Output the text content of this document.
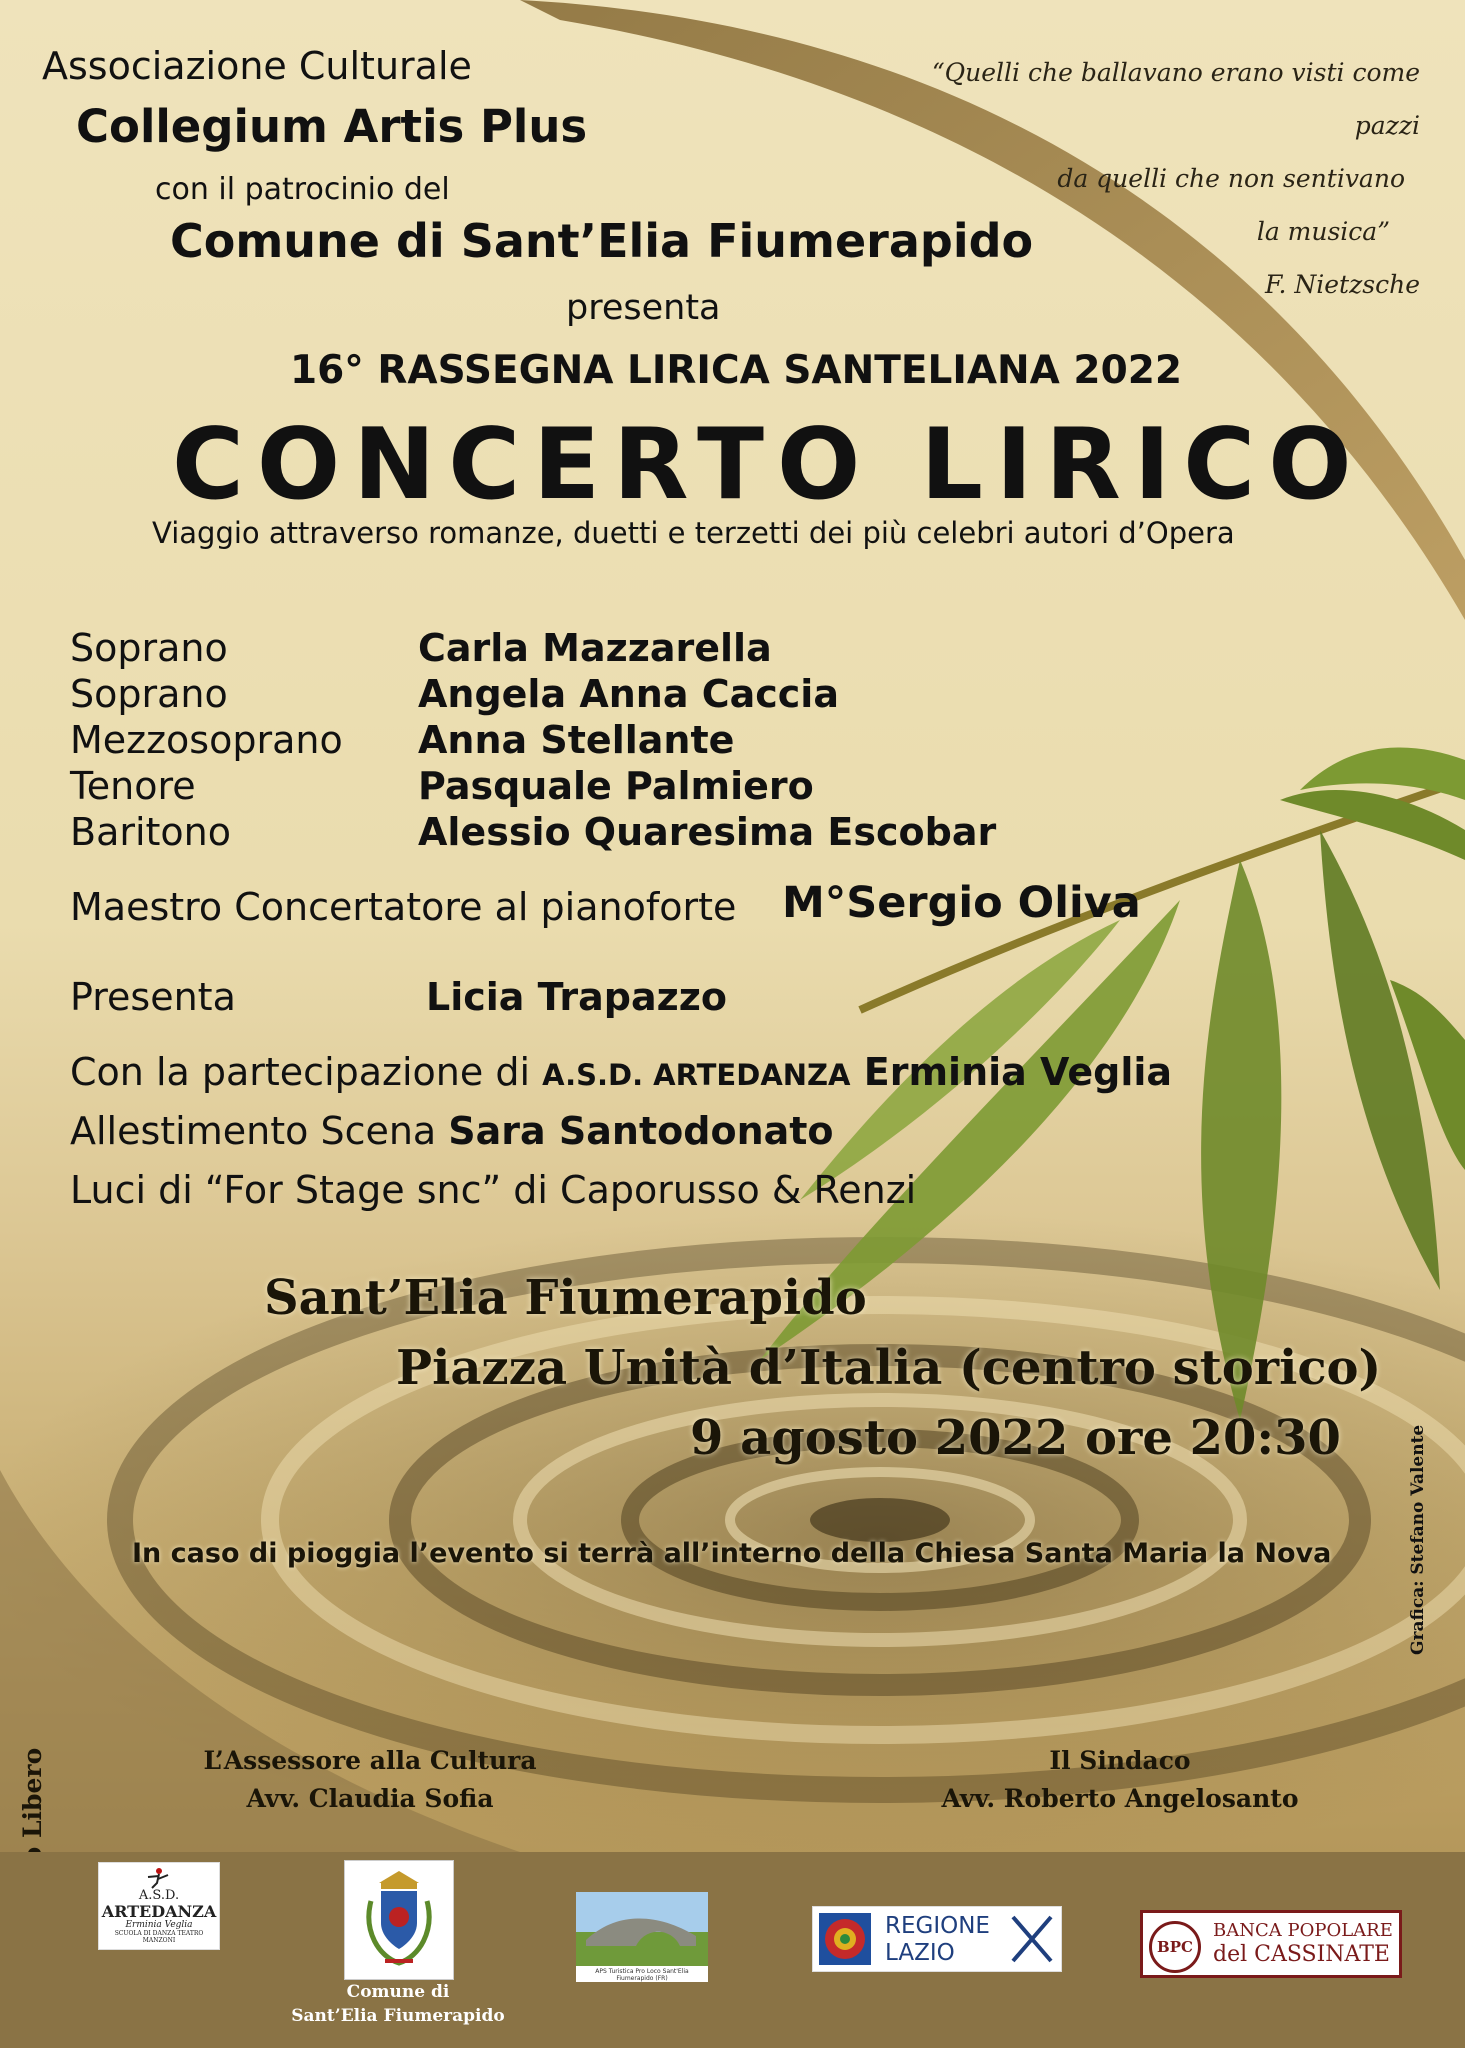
Associazione Culturale
Collegium Artis Plus
con il patrocinio del
Comune di Sant’Elia Fiumerapido
presenta
16° RASSEGNA LIRICA SANTELIANA 2022
CONCERTO LIRICO
Viaggio attraverso romanze, duetti e terzetti dei più celebri autori d’Opera
“Quelli che ballavano erano visti come pazzi
da quelli che non sentivano
la musica”
F. Nietzsche
Soprano	Carla Mazzarella
Soprano	Angela Anna Caccia
Mezzosoprano Anna Stellante
Tenore	Pasquale Palmiero
Baritono	Alessio Quaresima Escobar
Maestro Concertatore al pianoforte M°Sergio Oliva
Presenta	Licia Trapazzo
Con la partecipazione di A.S.D. ARTEDANZA Erminia Veglia
Allestimento Scena Sara Santodonato
Luci di “For Stage snc” di Caporusso & Renzi
Sant’Elia Fiumerapido
Piazza Unità d’Italia (centro storico)
9 agosto 2022 ore 20:30
In caso di pioggia l’evento si terrà all’interno della Chiesa Santa Maria la Nova	Grafica: Stefano Valente
L’Assessore alla Cultura
Avv. Claudia Sofia
Il Sindaco
Avv. Roberto Angelosanto
A.S.D.
ARTEDANZA
Erminia Veglia
SCUOLA DI DANZA TEATRO MANZONI
Comune di
Sant’Elia Fiumerapido
APS Turistica Pro Loco Sant'Elia Fiumerapido (FR)
REGIONE
LAZIO	BPC
BANCA POPOLARE
del CASSINATE
